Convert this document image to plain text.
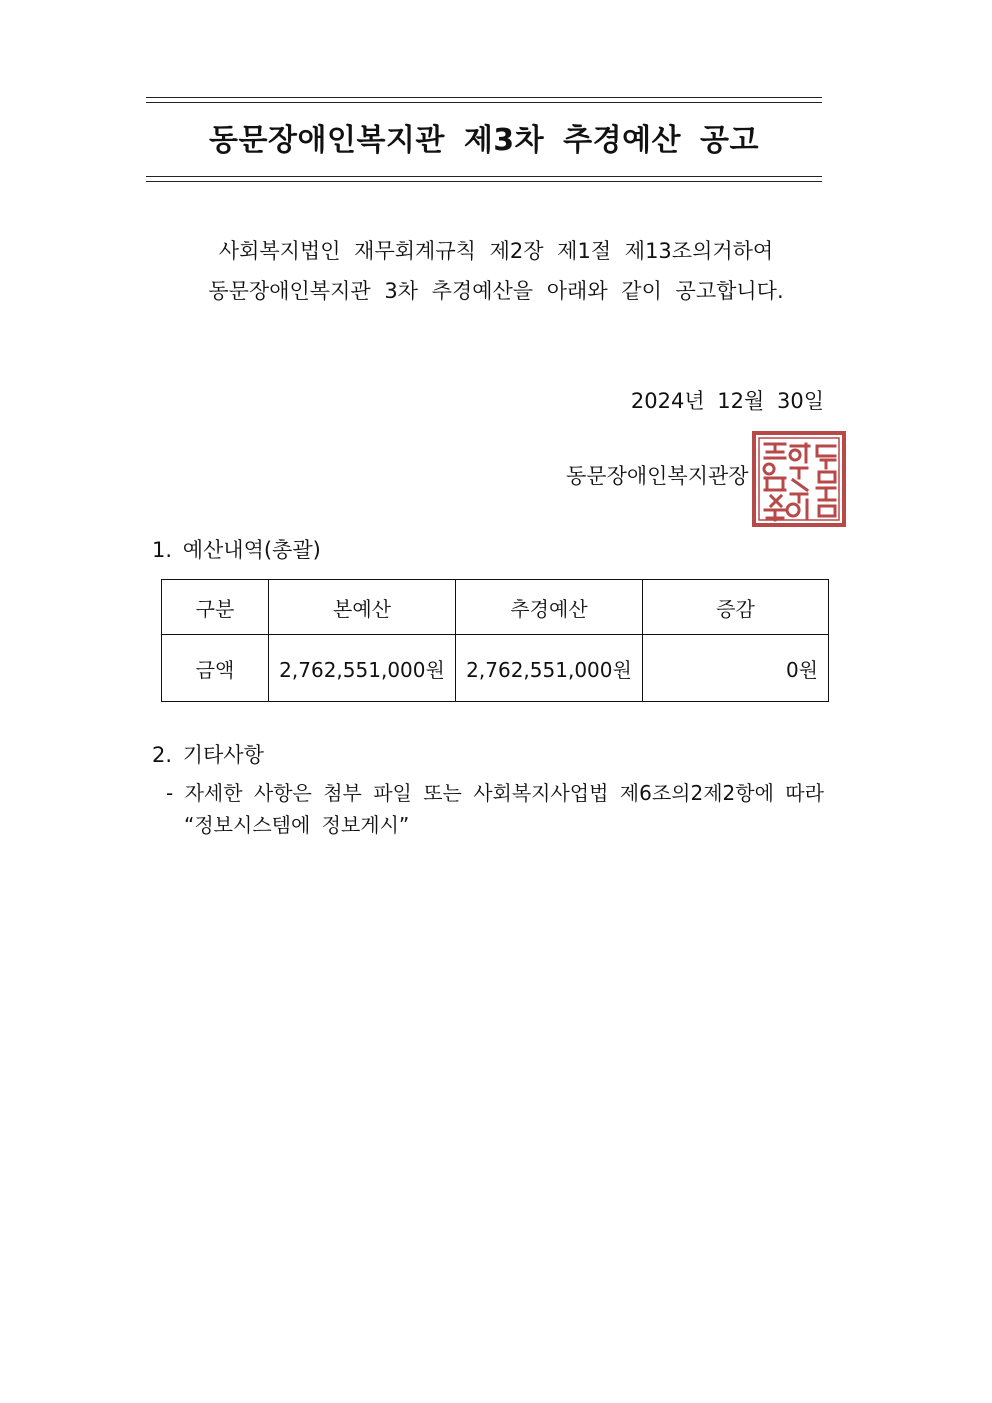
동문장애인복지관 제3차 추경예산 공고
사회복지법인 재무회계규칙 제2장 제1절 제13조의거하여
동문장애인복지관 3차 추경예산을 아래와 같이 공고합니다.
2024년 12월 30일
동문장애인복지관장
1. 예산내역(총괄)
구분	본예산	추경예산	증감
금액	2,762,551,000원	2,762,551,000원	0원
2. 기타사항
- 자세한 사항은 첨부 파일 또는 사회복지사업법 제6조의2제2항에 따라
“정보시스템에 정보게시”
